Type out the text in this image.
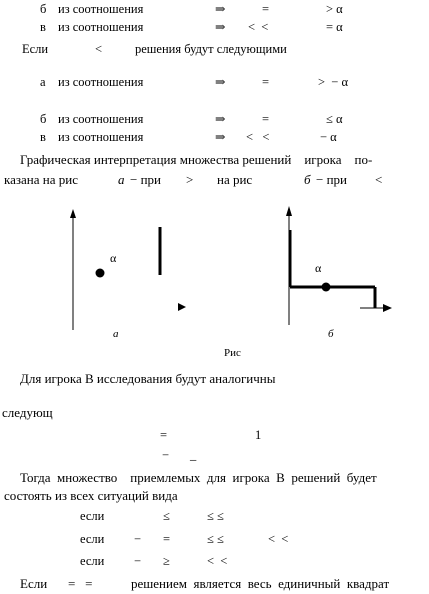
б из соотношения	⇒	=	> α
в из соотношения	⇒ <  <	= α
Если	<	решения будут следующими
а из соотношения	⇒	=	>  − α
б из соотношения	⇒	=	≤ α
в из соотношения	⇒ <   <	− α
Графическая интерпретация множества решений    игрока    по-
казана на рис	а − при > на рис	б − при <
α
α
а	б
Рис
Для игрока В исследования будут аналогичны
следующ
=	1
− _
Тогда  множество    приемлемых  для  игрока  В  решений  будет
состоять из всех ситуаций вида
если	≤	≤ ≤
если − =	≤ ≤	<  <
если − ≥	<  <
Если =   =	решением  является  весь  единичный  квадрат
